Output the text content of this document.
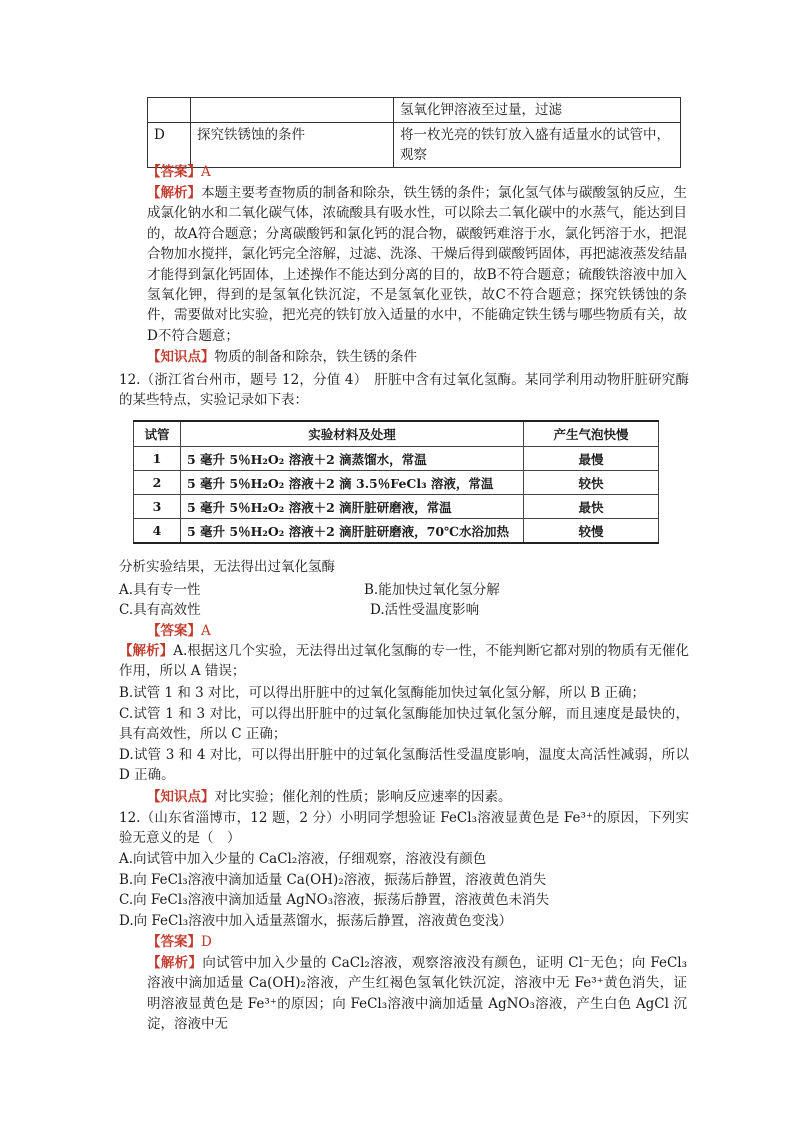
		氢氧化钾溶液至过量，过滤
D	探究铁锈蚀的条件	将一枚光亮的铁钉放入盛有适量水的试管中，观察
【答案】A
【解析】本题主要考查物质的制备和除杂，铁生锈的条件；氯化氢气体与碳酸氢钠反应，生成氯化钠水和二氧化碳气体，浓硫酸具有吸水性，可以除去二氧化碳中的水蒸气，能达到目的，故A符合题意；分离碳酸钙和氯化钙的混合物，碳酸钙难溶于水，氯化钙溶于水，把混合物加水搅拌，氯化钙完全溶解，过滤、洗涤、干燥后得到碳酸钙固体，再把滤液蒸发结晶才能得到氯化钙固体，上述操作不能达到分离的目的，故B不符合题意；硫酸铁溶液中加入氢氧化钾，得到的是氢氧化铁沉淀，不是氢氧化亚铁，故C不符合题意；探究铁锈蚀的条件，需要做对比实验，把光亮的铁钉放入适量的水中，不能确定铁生锈与哪些物质有关，故D不符合题意；
【知识点】物质的制备和除杂，铁生锈的条件
12.（浙江省台州市，题号 12，分值 4）　肝脏中含有过氧化氢酶。某同学利用动物肝脏研究酶的某些特点，实验记录如下表：
试管	实验材料及处理	产生气泡快慢
1	5 毫升 5％H₂O₂ 溶液＋2 滴蒸馏水，常温	最慢
2	5 毫升 5％H₂O₂ 溶液＋2 滴 3.5％FeCl₃ 溶液，常温	较快
3	5 毫升 5％H₂O₂ 溶液＋2 滴肝脏研磨液，常温	最快
4	5 毫升 5％H₂O₂ 溶液＋2 滴肝脏研磨液，70℃水浴加热	较慢
分析实验结果，无法得出过氧化氢酶
A.具有专一性	B.能加快过氧化氢分解
C.具有高效性	D.活性受温度影响
【答案】A
【解析】A.根据这几个实验，无法得出过氧化氢酶的专一性，不能判断它都对别的物质有无催化作用，所以 A 错误；
B.试管 1 和 3 对比，可以得出肝脏中的过氧化氢酶能加快过氧化氢分解，所以 B 正确；
C.试管 1 和 3 对比，可以得出肝脏中的过氧化氢酶能加快过氧化氢分解，而且速度是最快的，具有高效性，所以 C 正确；
D.试管 3 和 4 对比，可以得出肝脏中的过氧化氢酶活性受温度影响，温度太高活性减弱，所以 D 正确。
【知识点】对比实验；催化剂的性质；影响反应速率的因素。
12.（山东省淄博市，12 题，2 分）小明同学想验证 FeCl₃溶液显黄色是 Fe³⁺的原因，下列实验无意义的是（　）
A.向试管中加入少量的 CaCl₂溶液，仔细观察，溶液没有颜色
B.向 FeCl₃溶液中滴加适量 Ca(OH)₂溶液，振荡后静置，溶液黄色消失
C.向 FeCl₃溶液中滴加适量 AgNO₃溶液，振荡后静置，溶液黄色未消失
D.向 FeCl₃溶液中加入适量蒸馏水，振荡后静置，溶液黄色变浅）
【答案】D
【解析】向试管中加入少量的 CaCl₂溶液，观察溶液没有颜色，证明 Cl⁻无色；向 FeCl₃溶液中滴加适量 Ca(OH)₂溶液，产生红褐色氢氧化铁沉淀，溶液中无 Fe³⁺黄色消失，证明溶液显黄色是 Fe³⁺的原因；向 FeCl₃溶液中滴加适量 AgNO₃溶液，产生白色 AgCl 沉淀，溶液中无
